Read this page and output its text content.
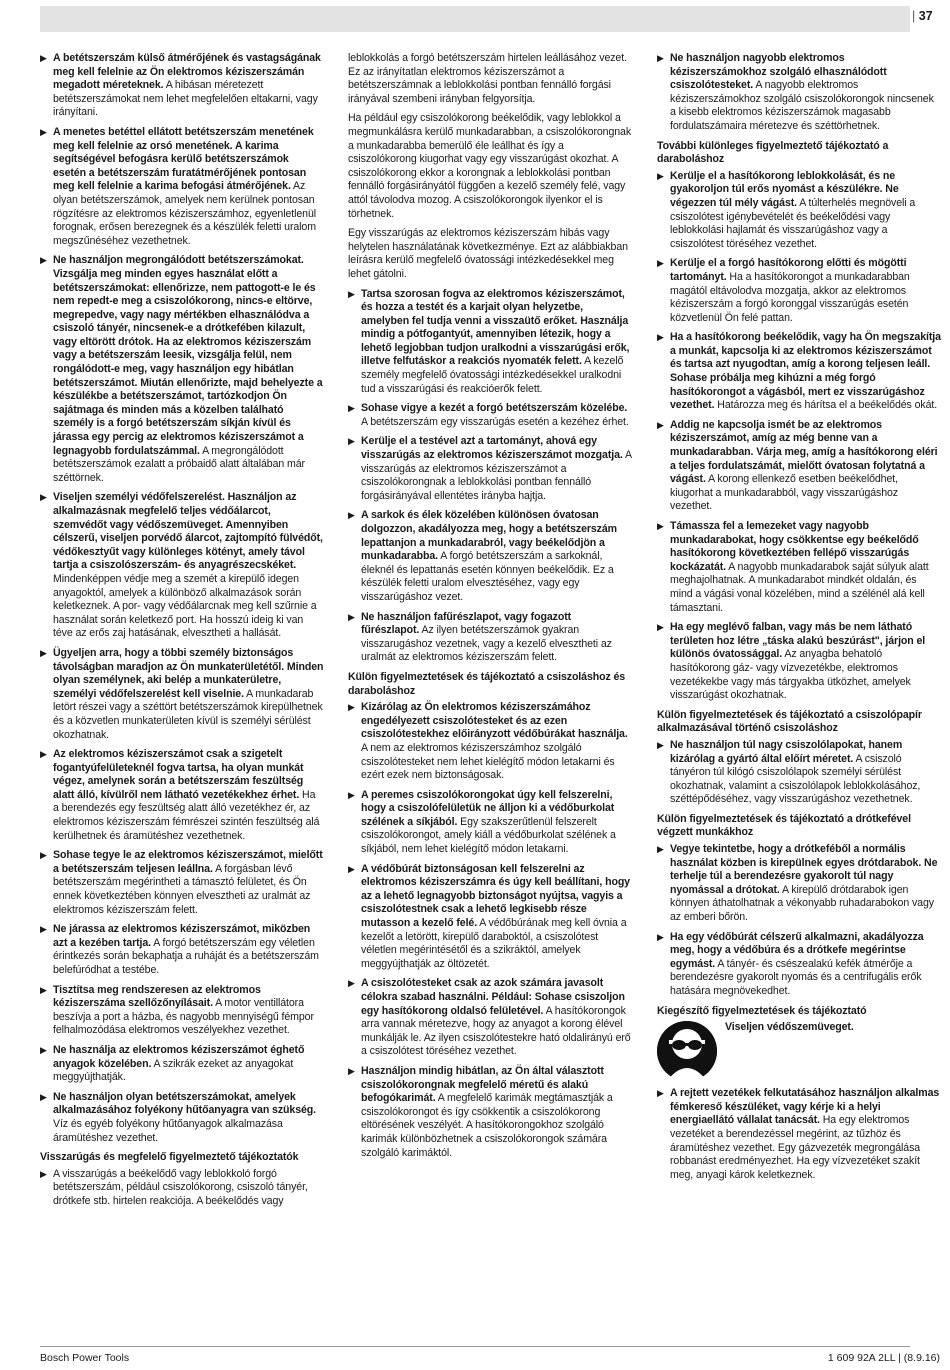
| 37
▶ A betétszerszám külső átmérőjének és vastagságának meg kell felelnie az Ön elektromos kéziszerszámán megadott méreteknek. A hibásan méretezett betétszerszámokat nem lehet megfelelően eltakarni, vagy irányítani.
▶ A menetes betéttel ellátott betétszerszám menetének meg kell felelnie az orsó menetének. A karima segítségével befogásra kerülő betétszerszámok esetén a betétszerszám furatátmérőjének pontosan meg kell felelnie a karima befogási átmérőjének. Az olyan betétszerszámok, amelyek nem kerülnek pontosan rögzítésre az elektromos kéziszerszámhoz, egyenletlenül forognak, erősen berezegnek és a készülék feletti uralom megszűnéséhez vezethetnek.
▶ Ne használjon megrongálódott betétszerszámokat. Vizsgálja meg minden egyes használat előtt a betétszerszámokat: ellenőrizze, nem pattogott-e le és nem repedt-e meg a csiszolókorong, nincs-e eltörve, megrepedve, vagy nagy mértékben elhasználódva a csiszoló tányér, nincsenek-e a drótkefében kilazult, vagy eltörött drótok. Ha az elektromos kéziszerszám vagy a betétszerszám leesik, vizsgálja felül, nem rongálódott-e meg, vagy használjon egy hibátlan betétszerszámot. Miután ellenőrizte, majd behelyezte a készülékbe a betétszerszámot, tartózkodjon Ön sajátmaga és minden más a közelben található személy is a forgó betétszerszám síkján kívül és járassa egy percig az elektromos kéziszerszámot a legnagyobb fordulatszámmal. A megrongálódott betétszerszámok ezalatt a próbaidő alatt általában már széttörnek.
▶ Viseljen személyi védőfelszerelést. Használjon az alkalmazásnak megfelelő teljes védőálarcot, szemvédőt vagy védőszemüveget. Amennyiben célszerű, viseljen porvédő álarcot, zajtompító fülvédőt, védőkesztyűt vagy különleges kötényt, amely távol tartja a csiszolószerszám- és anyagrészecskéket. Mindenképpen védje meg a szemét a kirepülő idegen anyagoktól, amelyek a különböző alkalmazások során keletkeznek. A por- vagy védőálarcnak meg kell szűrnie a használat során keletkező port. Ha hosszú ideig ki van téve az erős zaj hatásának, elvesztheti a hallását.
▶ Ügyeljen arra, hogy a többi személy biztonságos távolságban maradjon az Ön munkaterületétől. Minden olyan személynek, aki belép a munkaterületre, személyi védőfelszerelést kell viselnie. A munkadarab letört részei vagy a széttört betétszerszámok kirepülhetnek és a közvetlen munkaterületen kívül is személyi sérülést okozhatnak.
▶ Az elektromos kéziszerszámot csak a szigetelt fogantyúfelületeknél fogva tartsa, ha olyan munkát végez, amelynek során a betétszerszám feszültség alatt álló, kívülről nem látható vezetékekhez érhet. Ha a berendezés egy feszültség alatt álló vezetékhez ér, az elektromos kéziszerszám fémrészei szintén feszültség alá kerülhetnek és áramütéshez vezethetnek.
▶ Sohase tegye le az elektromos kéziszerszámot, mielőtt a betétszerszám teljesen leállna. A forgásban lévő betétszerszám megérintheti a támasztó felületet, és Ön ennek következtében könnyen elvesztheti az uralmát az elektromos kéziszerszám felett.
▶ Ne járassa az elektromos kéziszerszámot, miközben azt a kezében tartja. A forgó betétszerszám egy véletlen érintkezés során bekaphatja a ruháját és a betétszerszám belefúródhat a testébe.
▶ Tisztítsa meg rendszeresen az elektromos kéziszerszáma szellőzőnyílásait. A motor ventillátora beszívja a port a házba, és nagyobb mennyiségű fémpor felhalmozódása elektromos veszélyekhez vezethet.
▶ Ne használja az elektromos kéziszerszámot éghető anyagok közelében. A szikrák ezeket az anyagokat meggyújthatják.
▶ Ne használjon olyan betétszerszámokat, amelyek alkalmazásához folyékony hűtőanyagra van szükség. Víz és egyéb folyékony hűtőanyagok alkalmazása áramütéshez vezethet.
Visszarúgás és megfelelő figyelmeztető tájékoztatók
▶ A visszarúgás a beékelődő vagy leblokkoló forgó betétszerszám, például csiszolókorong, csiszoló tányér, drótkefe stb. hirtelen reakciója. A beékelődés vagy

leblokkolás a forgó betétszerszám hirtelen leállásához vezet. Ez az irányítatlan elektromos kéziszerszámot a betétszerszámnak a leblokkolási pontban fennálló forgási irányával szembeni irányban felgyorsítja.

Ha például egy csiszolókorong beékelődik, vagy leblokkol a megmunkálásra kerülő munkadarabban, a csiszolókorongnak a munkadarabba bemerülő éle leállhat és így a csiszolókorong kiugorhat vagy egy visszarúgást okozhat. A csiszolókorong ekkor a korongnak a leblokkolási pontban fennálló forgásirányától függően a kezelő személy felé, vagy attól távolodva mozog. A csiszolókorongok ilyenkor el is törhetnek.

Egy visszarúgás az elektromos kéziszerszám hibás vagy helytelen használatának következménye. Ezt az alábbiakban leírásra kerülő megfelelő óvatossági intézkedésekkel meg lehet gátolni.

▶ Tartsa szorosan fogva az elektromos kéziszerszámot, és hozza a testét és a karjait olyan helyzetbe, amelyben fel tudja venni a visszaütő erőket. Használja mindig a pótfogantyút, amennyiben létezik, hogy a lehető legjobban tudjon uralkodni a visszarúgási erők, illetve felfutáskor a reakciós nyomaték felett. A kezelő személy megfelelő óvatossági intézkedésekkel uralkodni tud a visszarúgási és reakcióerők felett.
▶ Sohase vigye a kezét a forgó betétszerszám közelébe. A betétszerszám egy visszarúgás esetén a kezéhez érhet.
▶ Kerülje el a testével azt a tartományt, ahová egy visszarúgás az elektromos kéziszerszámot mozgatja. A visszarúgás az elektromos kéziszerszámot a csiszolókorongnak a leblokkolási pontban fennálló forgásirányával ellentétes irányba hajtja.
▶ A sarkok és élek közelében különösen óvatosan dolgozzon, akadályozza meg, hogy a betétszerszám lepattanjon a munkadarabról, vagy beékelődjön a munkadarabba. A forgó betétszerszám a sarkoknál, éleknél és lepattanás esetén könnyen beékelődik. Ez a készülék feletti uralom elvesztéséhez, vagy egy visszarúgáshoz vezet.
▶ Ne használjon fafűrészlapot, vagy fogazott fűrészlapot. Az ilyen betétszerszámok gyakran visszarugáshoz vezetnek, vagy a kezelő elvesztheti az uralmát az elektromos kéziszerszám felett.
Külön figyelmeztetések és tájékoztató a csiszoláshoz és daraboláshoz
▶ Kizárólag az Ön elektromos kéziszerszámához engedélyezett csiszolótesteket és az ezen csiszolótestekhez előirányzott védőbúrákat használja. A nem az elektromos kéziszerszámhoz szolgáló csiszolótesteket nem lehet kielégítő módon letakarni és ezért ezek nem biztonságosak.
▶ A peremes csiszolókorongokat úgy kell felszerelni, hogy a csiszolófelületük ne álljon ki a védőburkolat szélének a síkjából. Egy szakszerűtlenül felszerelt csiszolókorongot, amely kiáll a védőburkolat szélének a síkjából, nem lehet kielégítő módon letakarni.
▶ A védőbúrát biztonságosan kell felszerelni az elektromos kéziszerszámra és úgy kell beállítani, hogy az a lehető legnagyobb biztonságot nyújtsa, vagyis a csiszolótestnek csak a lehető legkisebb része mutasson a kezelő felé. A védőbúrának meg kell óvnia a kezelőt a letörött, kirepülő daraboktól, a csiszolótest véletlen megérintésétől és a szikráktól, amelyek meggyújthatják az öltözetét.
▶ A csiszolótesteket csak az azok számára javasolt célokra szabad használni. Például: Sohase csiszoljon egy hasítókorong oldalsó felületével. A hasítókorongok arra vannak méretezve, hogy az anyagot a korong élével munkálják le. Az ilyen csiszolótestekre ható oldalirányú erő a csiszolótest töréséhez vezethet.
▶ Használjon mindig hibátlan, az Ön által választott csiszolókorongnak megfelelő méretű és alakú befogókarimát. A megfelelő karimák megtámasztják a csiszolókorongot és így csökkentik a csiszolókorong eltörésének veszélyét. A hasítókorongokhoz szolgáló karimák különbözhetnek a csiszolókorongok számára szolgáló karimáktól.
▶ Ne használjon nagyobb elektromos kéziszerszámokhoz szolgáló elhasználódott csiszolótesteket. A nagyobb elektromos kéziszerszámokhoz szolgáló csiszolókorongok nincsenek a kisebb elektromos kéziszerszámok magasabb fordulatszámaira méretezve és széttörhetnek.
További különleges figyelmeztető tájékoztató a daraboláshoz
▶ Kerülje el a hasítókorong leblokkolását, és ne gyakoroljon túl erős nyomást a készülékre. Ne végezzen túl mély vágást. A túlterhelés megnöveli a csiszolótest igénybevételét és beékelődési vagy leblokkolási hajlamát és visszarúgáshoz vagy a csiszolótest töréséhez vezethet.
▶ Kerülje el a forgó hasítókorong előtti és mögötti tartományt. Ha a hasítókorongot a munkadarabban magától eltávolodva mozgatja, akkor az elektromos kéziszerszám a forgó koronggal visszarúgás esetén közvetlenül Ön felé pattan.
▶ Ha a hasítókorong beékelődik, vagy ha Ön megszakítja a munkát, kapcsolja ki az elektromos kéziszerszámot és tartsa azt nyugodtan, amíg a korong teljesen leáll. Sohase próbálja meg kihúzni a még forgó hasítókorongot a vágásból, mert ez visszarúgáshoz vezethet. Határozza meg és hárítsa el a beékelődés okát.
▶ Addig ne kapcsolja ismét be az elektromos kéziszerszámot, amíg az még benne van a munkadarabban. Várja meg, amíg a hasítókorong eléri a teljes fordulatszámát, mielőtt óvatosan folytatná a vágást. A korong ellenkező esetben beékelődhet, kiugorhat a munkadarabból, vagy visszarúgáshoz vezethet.
▶ Támassza fel a lemezeket vagy nagyobb munkadarabokat, hogy csökkentse egy beékelődő hasítókorong következtében fellépő visszarúgás kockázatát. A nagyobb munkadarabok saját súlyuk alatt meghajolhatnak. A munkadarabot mindkét oldalán, és mind a vágási vonal közelében, mind a szélénél alá kell támasztani.
▶ Ha egy meglévő falban, vagy más be nem látható területen hoz létre „táska alakú beszúrást", járjon el különös óvatossággal. Az anyagba behatoló hasítókorong gáz- vagy vízvezetékbe, elektromos vezetékekbe vagy más tárgyakba ütközhet, amelyek visszarúgást okozhatnak.
Külön figyelmeztetések és tájékoztató a csiszolópapír alkalmazásával történő csiszoláshoz
▶ Ne használjon túl nagy csiszolólapokat, hanem kizárólag a gyártó által előírt méretet. A csiszoló tányéron túl kilógó csiszolólapok személyi sérülést okozhatnak, valamint a csiszolólapok leblokkolásához, széttépődéséhez, vagy visszarúgáshoz vezethetnek.
Külön figyelmeztetések és tájékoztató a drótkefével végzett munkákhoz
▶ Vegye tekintetbe, hogy a drótkeféből a normális használat közben is kirepülnek egyes drótdarabok. Ne terhelje túl a berendezésre gyakorolt túl nagy nyomással a drótokat. A kirepülő drótdarabok igen könnyen áthatolhatnak a vékonyabb ruhadarabokon vagy az emberi bőrön.
▶ Ha egy védőbúrát célszerű alkalmazni, akadályozza meg, hogy a védőbúra és a drótkefe megérintse egymást. A tányér- és csészealakú kefék átmérője a berendezésre gyakorolt nyomás és a centrifugális erők hatására megnövekedhet.
Kiegészítő figyelmeztetések és tájékoztató
Viseljen védőszemüveget.
▶ A rejtett vezetékek felkutatásához használjon alkalmas fémkereső készüléket, vagy kérje ki a helyi energiaellátó vállalat tanácsát. Ha egy elektromos vezetéket a berendezéssel megérint, az tűzhöz és áramütéshez vezethet. Egy gázvezeték megrongálása robbanást eredményezhet. Ha egy vízvezetéket szakít meg, anyagi károk keletkeznek.
Bosch Power Tools	1 609 92A 2LL | (8.9.16)
